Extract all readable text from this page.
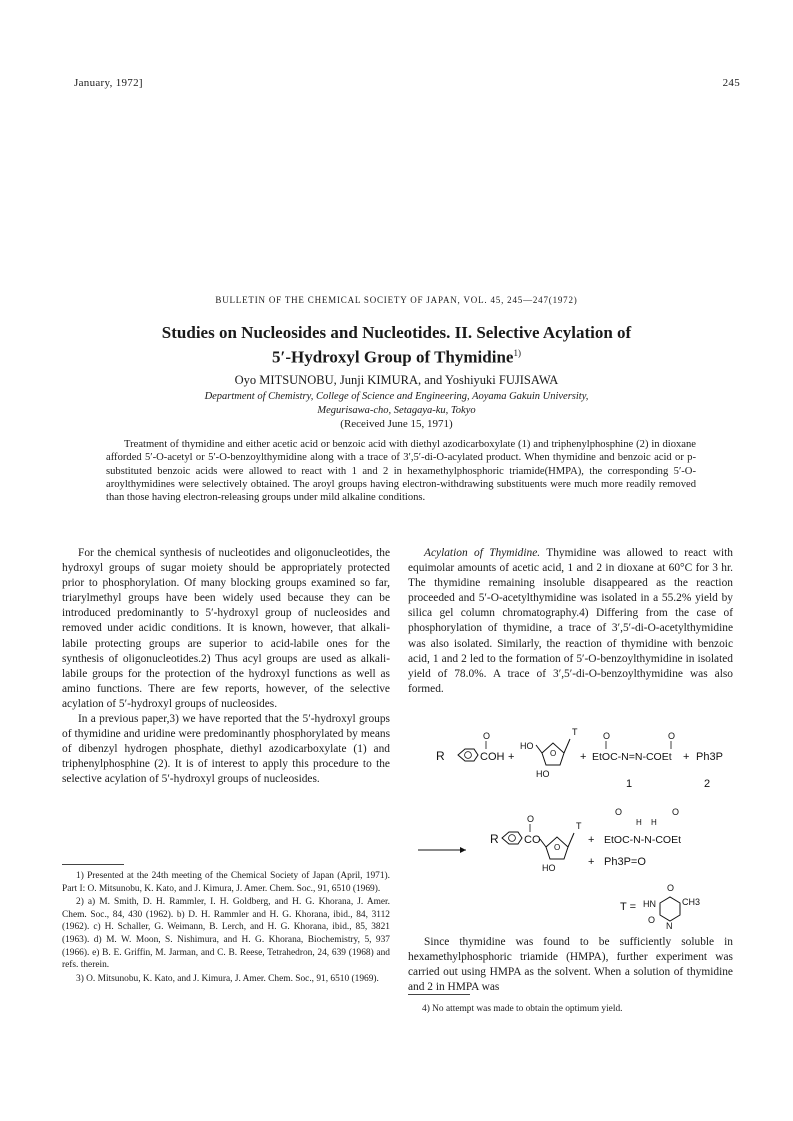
January, 1972]	245
BULLETIN OF THE CHEMICAL SOCIETY OF JAPAN, VOL. 45, 245—247(1972)
Studies on Nucleosides and Nucleotides. II. Selective Acylation of
5′-Hydroxyl Group of Thymidine$^{1)}$
Oyo MITSUNOBU, Junji KIMURA, and Yoshiyuki FUJISAWA
Department of Chemistry, College of Science and Engineering, Aoyama Gakuin University,
Megurisawa-cho, Setagaya-ku, Tokyo
(Received June 15, 1971)

Treatment of thymidine and either acetic acid or benzoic acid with diethyl azodicarboxylate (1) and triphenylphosphine (2) in dioxane afforded 5′-O-acetyl or 5′-O-benzoylthymidine along with a trace of 3′,5′-di-O-acylated product. When thymidine and benzoic acid or p-substituted benzoic acids were allowed to react with 1 and 2 in hexamethylphosphoric triamide(HMPA), the corresponding 5′-O-aroylthymidines were selectively obtained. The aroyl groups having electron-withdrawing substituents were much more readily removed than those having electron-releasing groups under mild alkaline conditions.

For the chemical synthesis of nucleotides and oligonucleotides, the hydroxyl groups of sugar moiety should be appropriately protected prior to phosphorylation. Of many blocking groups examined so far, triarylmethyl groups have been widely used because they can be introduced predominantly to 5′-hydroxyl group of nucleosides and removed under acidic conditions. It is known, however, that alkali-labile protecting groups are superior to acid-labile ones for the synthesis of oligonucleotides.2) Thus acyl groups are used as alkali-labile groups for the protection of the hydroxyl functions as well as amino functions. There are few reports, however, of the selective acylation of 5′-hydroxyl groups of nucleosides.

In a previous paper,3) we have reported that the 5′-hydroxyl groups of thymidine and uridine were predominantly phosphorylated by means of dibenzyl hydrogen phosphate, diethyl azodicarboxylate (1) and triphenylphosphine (2). It is of interest to apply this procedure to the selective acylation of 5′-hydroxyl groups of nucleosides.

1) Presented at the 24th meeting of the Chemical Society of Japan (April, 1971). Part I: O. Mitsunobu, K. Kato, and J. Kimura, J. Amer. Chem. Soc., 91, 6510 (1969).

2) a) M. Smith, D. H. Rammler, I. H. Goldberg, and H. G. Khorana, J. Amer. Chem. Soc., 84, 430 (1962). b) D. H. Rammler and H. G. Khorana, ibid., 84, 3112 (1962). c) H. Schaller, G. Weimann, B. Lerch, and H. G. Khorana, ibid., 85, 3821 (1963). d) M. W. Moon, S. Nishimura, and H. G. Khorana, Biochemistry, 5, 937 (1966). e) B. E. Griffin, M. Jarman, and C. B. Reese, Tetrahedron, 24, 639 (1968) and refs. therein.

3) O. Mitsunobu, K. Kato, and J. Kimura, J. Amer. Chem. Soc., 91, 6510 (1969).

Acylation of Thymidine. Thymidine was allowed to react with equimolar amounts of acetic acid, 1 and 2 in dioxane at 60°C for 3 hr. The thymidine remaining insoluble disappeared as the reaction proceeded and 5′-O-acetylthymidine was isolated in a 55.2% yield by silica gel column chromatography.4) Differing from the case of phosphorylation of thymidine, a trace of 3′,5′-di-O-acetylthymidine was also isolated. Similarly, the reaction of thymidine with benzoic acid, 1 and 2 led to the formation of 5′-O-benzoylthymidine in isolated yield of 78.0%. A trace of 3′,5′-di-O-benzoylthymidine was also formed.

R	COH
O
+
HO
O
T
HO
+
O	O
EtOC-N=N-COEt + Ph3P
1	2
R CO
O
O
T
HO
+
O	O
H H
EtOC-N-N-COEt
+ Ph3P=O
T = HN
O
O
CH3
N

Since thymidine was found to be sufficiently soluble in hexamethylphosphoric triamide (HMPA), further experiment was carried out using HMPA as the solvent. When a solution of thymidine and 2 in HMPA was

4) No attempt was made to obtain the optimum yield.
